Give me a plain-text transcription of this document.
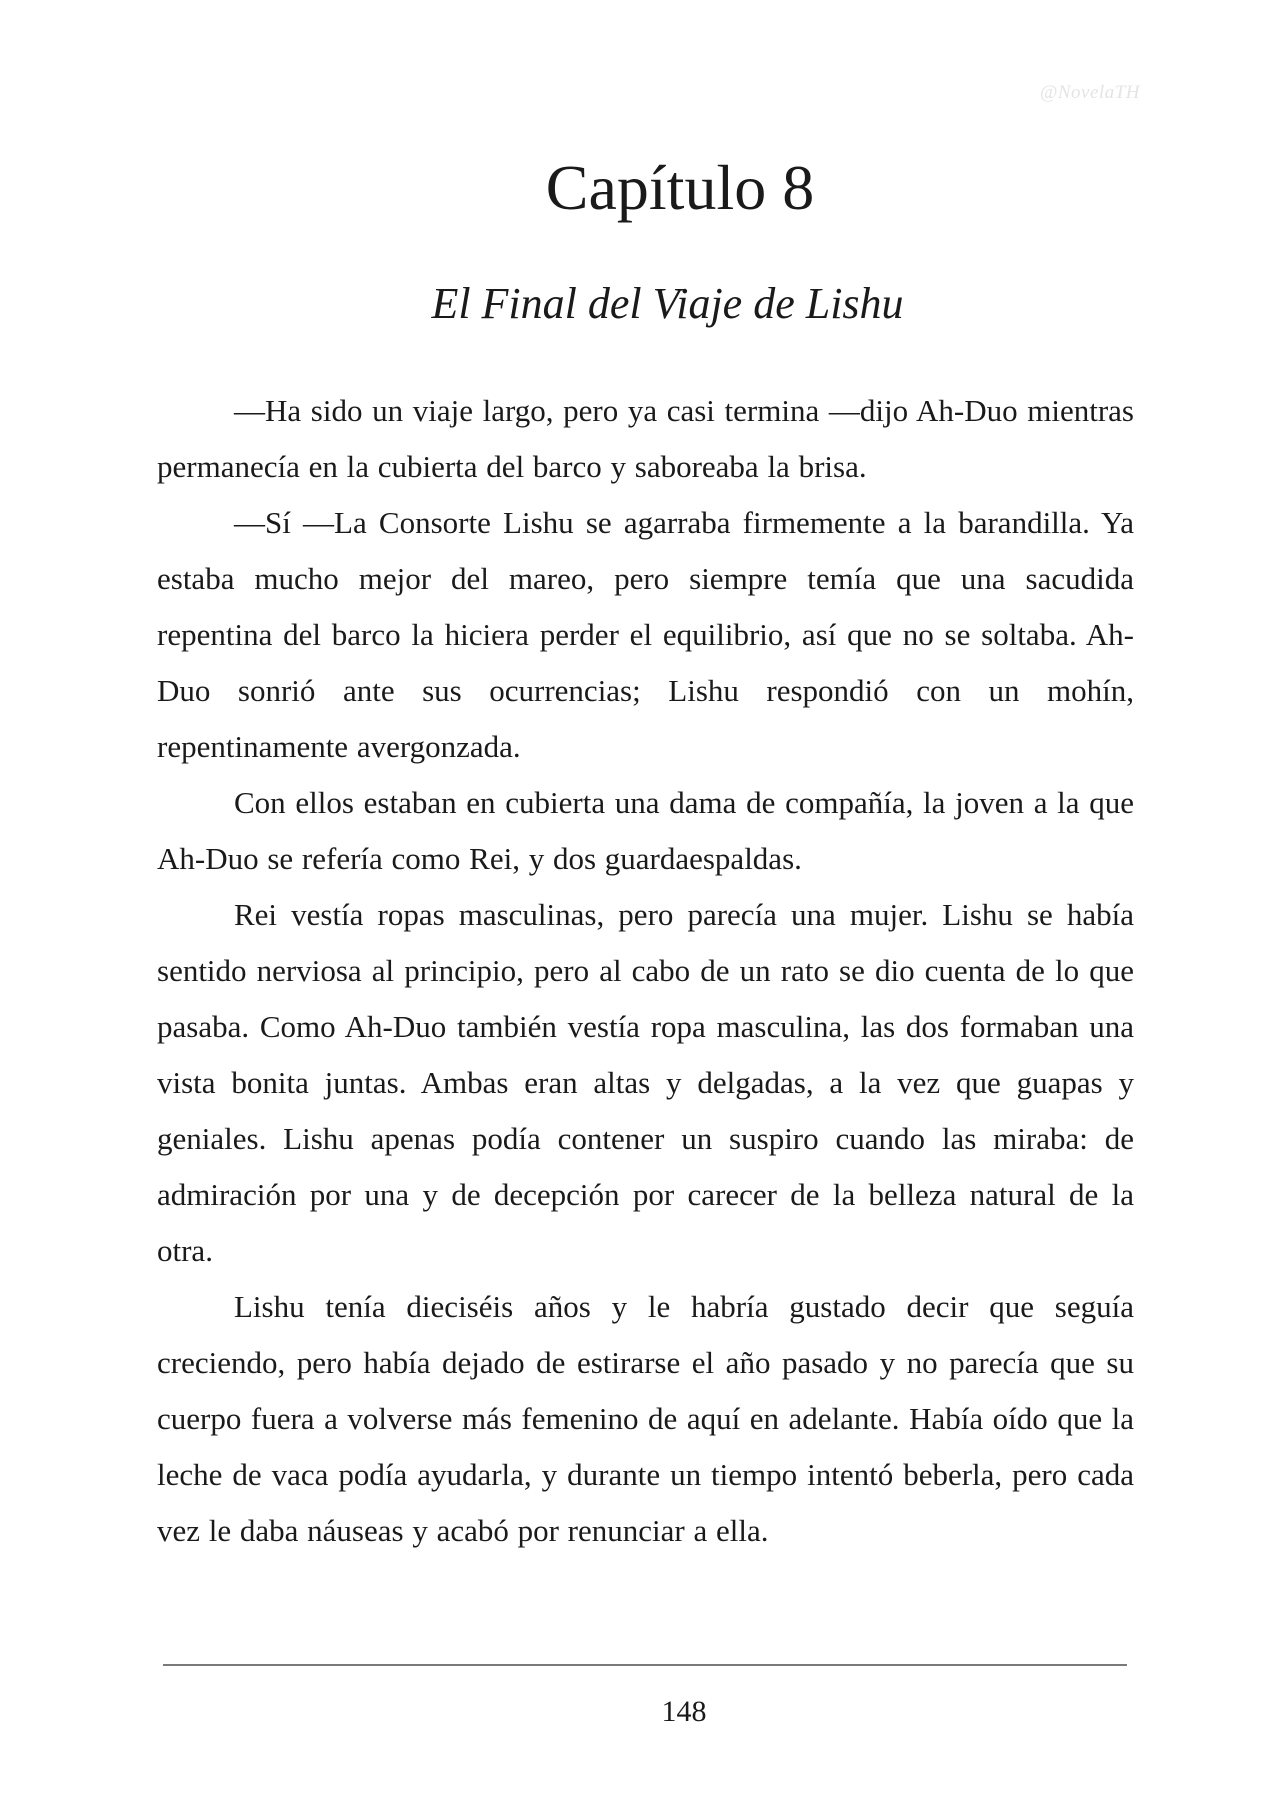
@NovelaTH
Capítulo 8
El Final del Viaje de Lishu

—Ha sido un viaje largo, pero ya casi termina —dijo Ah-Duo mientras permanecía en la cubierta del barco y saboreaba la brisa.

—Sí —La Consorte Lishu se agarraba firmemente a la barandilla. Ya estaba mucho mejor del mareo, pero siempre temía que una sacudida repentina del barco la hiciera perder el equilibrio, así que no se soltaba. Ah-Duo sonrió ante sus ocurrencias; Lishu respondió con un mohín, repentinamente avergonzada.

Con ellos estaban en cubierta una dama de compañía, la joven a la que Ah-Duo se refería como Rei, y dos guardaespaldas.

Rei vestía ropas masculinas, pero parecía una mujer. Lishu se había sentido nerviosa al principio, pero al cabo de un rato se dio cuenta de lo que pasaba. Como Ah-Duo también vestía ropa masculina, las dos formaban una vista bonita juntas. Ambas eran altas y delgadas, a la vez que guapas y geniales. Lishu apenas podía contener un suspiro cuando las miraba: de admiración por una y de decepción por carecer de la belleza natural de la otra.

Lishu tenía dieciséis años y le habría gustado decir que seguía creciendo, pero había dejado de estirarse el año pasado y no parecía que su cuerpo fuera a volverse más femenino de aquí en adelante. Había oído que la leche de vaca podía ayudarla, y durante un tiempo intentó beberla, pero cada vez le daba náuseas y acabó por renunciar a ella.

148
